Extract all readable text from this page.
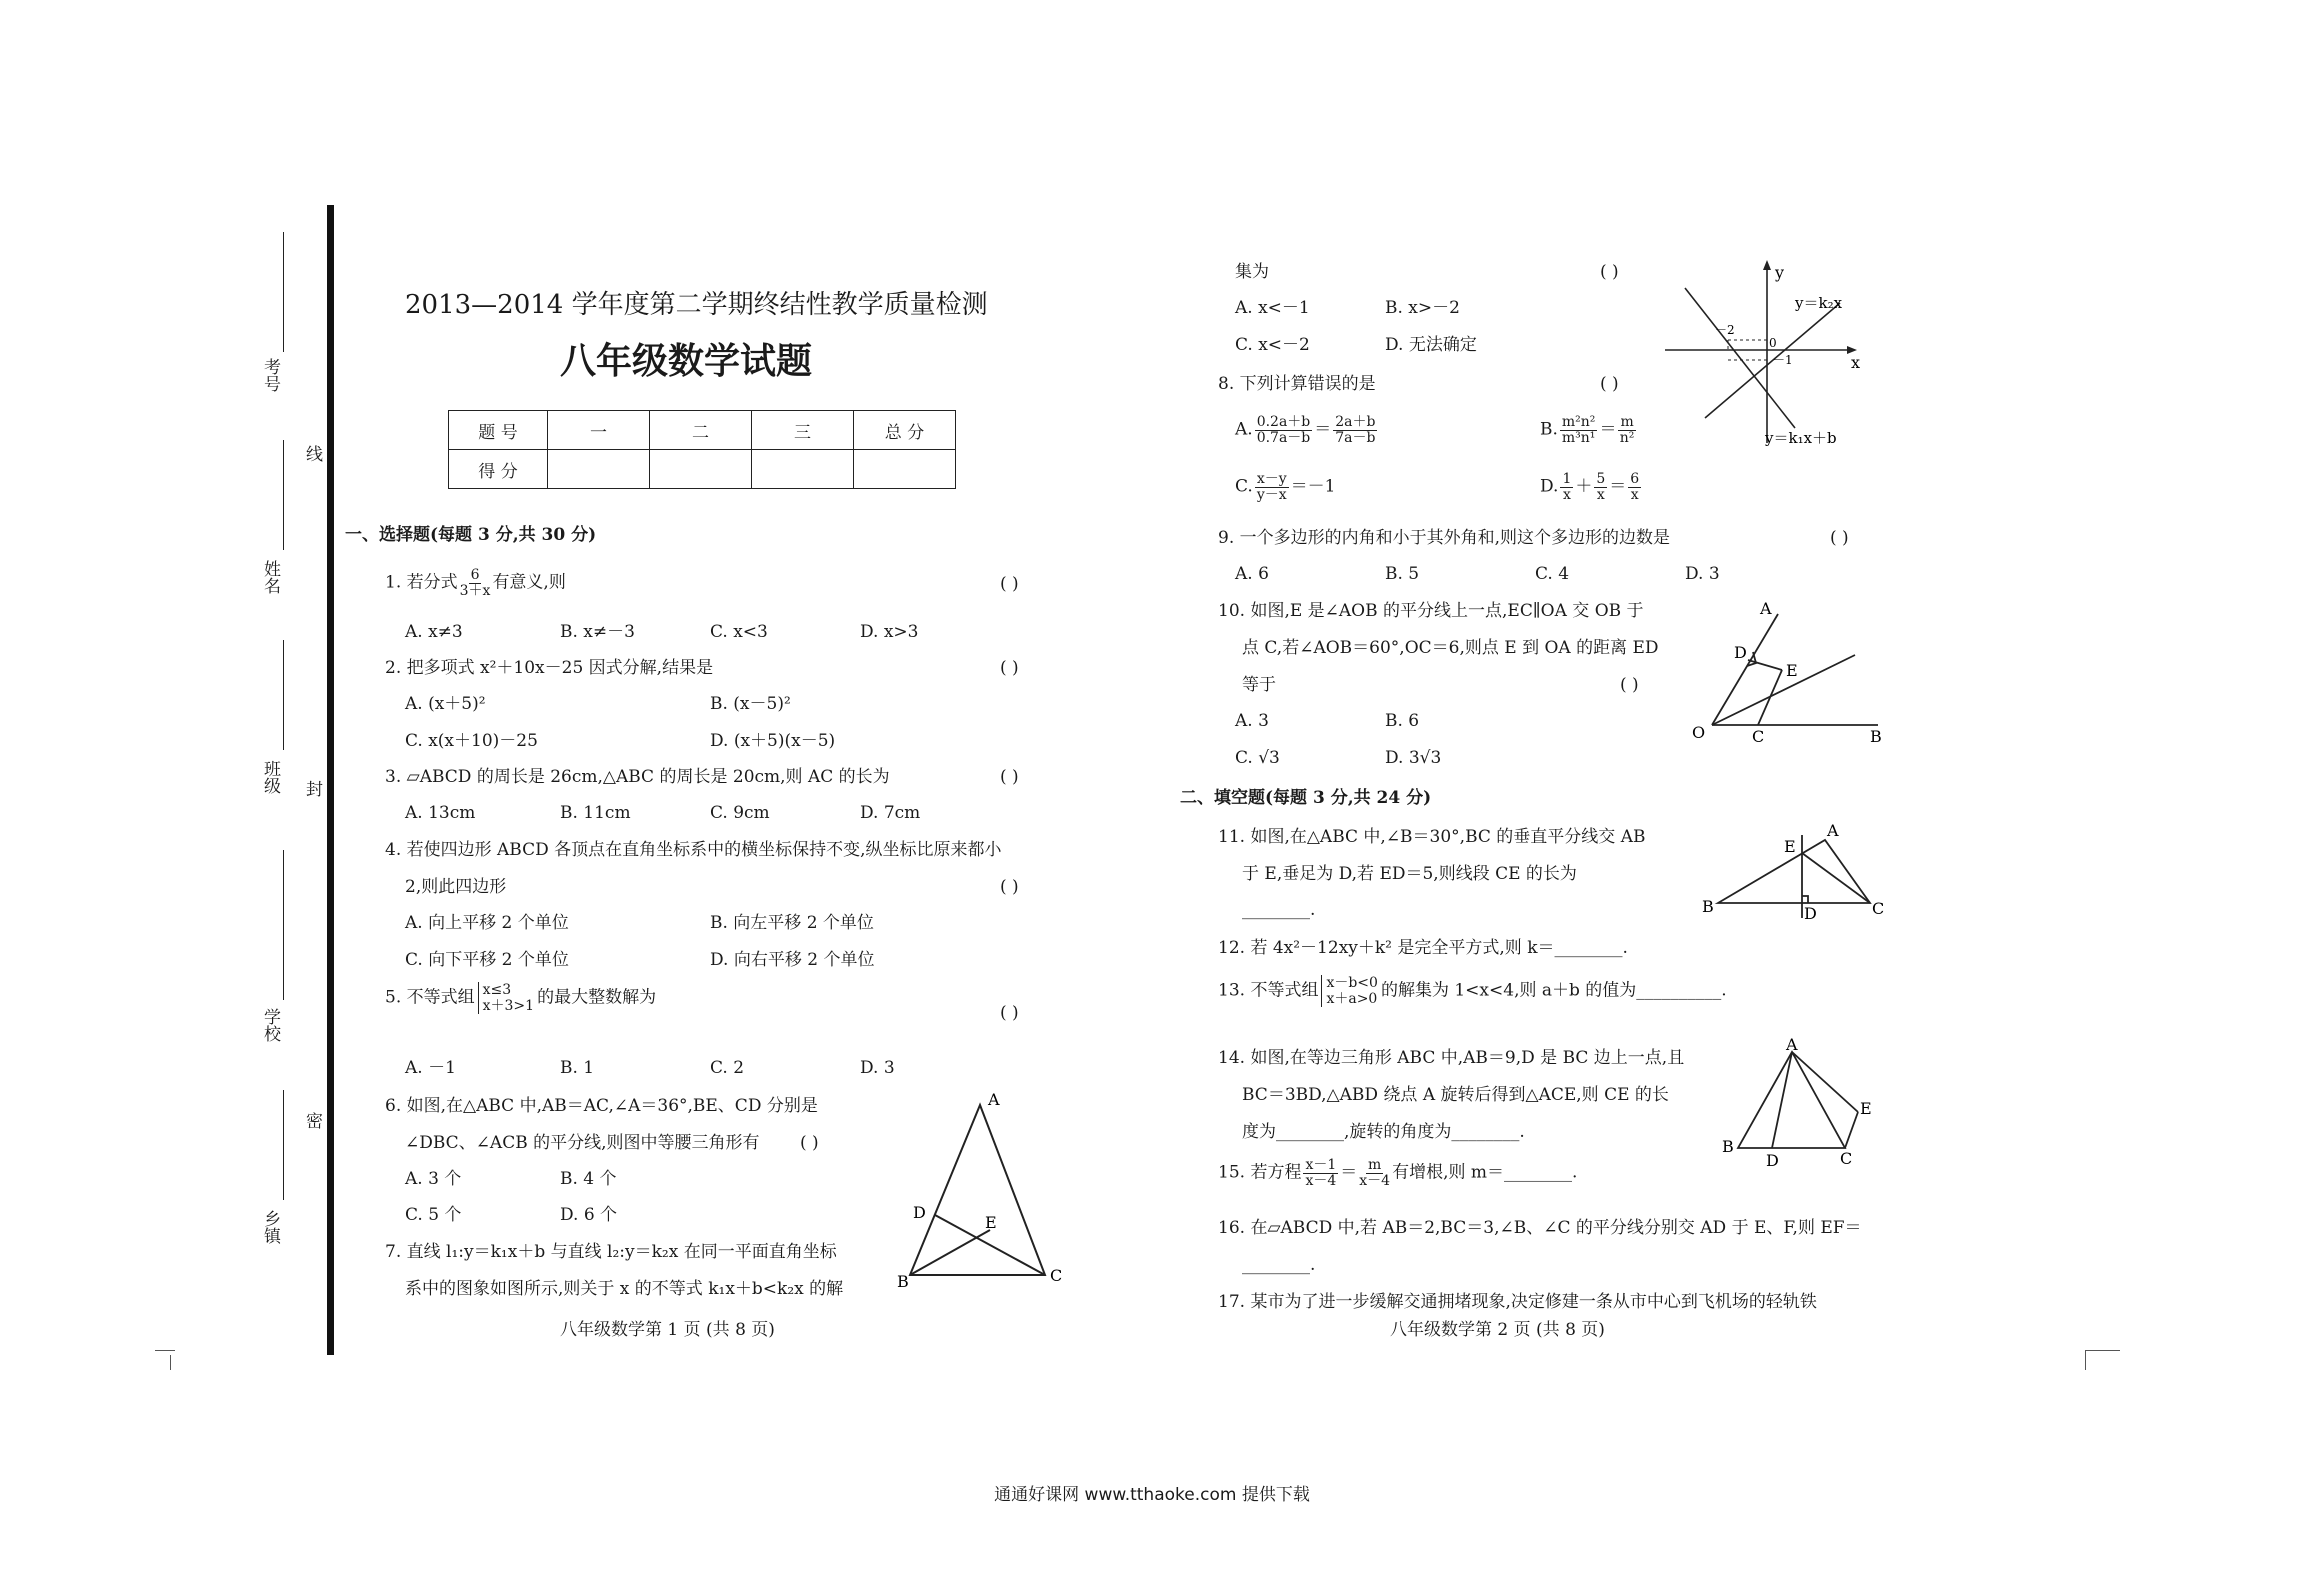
考号
线
姓名
班级 封
学校
密
乡镇
2013—2014 学年度第二学期终结性教学质量检测
八年级数学试题
题 号	一	二	三	总 分
得 分				
一、选择题(每题 3 分,共 30 分)
1. 若分式 $\frac{6}{3+x}$ 有意义,则	( )
A. x≠3	B. x≠－3	C. x<3	D. x>3
2. 把多项式 x²＋10x－25 因式分解,结果是	( )
A. (x＋5)²	B. (x－5)²
C. x(x＋10)－25	D. (x＋5)(x－5)
3. ▱ABCD 的周长是 26cm,△ABC 的周长是 20cm,则 AC 的长为	( )
A. 13cm	B. 11cm	C. 9cm	D. 7cm
4. 若使四边形 ABCD 各顶点在直角坐标系中的横坐标保持不变,纵坐标比原来都小
2,则此四边形	( )
A. 向上平移 2 个单位	B. 向左平移 2 个单位
C. 向下平移 2 个单位	D. 向右平移 2 个单位
5. 不等式组 x≤3
x＋3>1 的最大整数解为
( )
A. －1	B. 1	C. 2	D. 3
6. 如图,在△ABC 中,AB＝AC,∠A＝36°,BE、CD 分别是
∠DBC、∠ACB 的平分线,则图中等腰三角形有 ( )
A. 3 个	B. 4 个
C. 5 个	D. 6 个
7. 直线 l₁:y＝k₁x＋b 与直线 l₂:y＝k₂x 在同一平面直角坐标
系中的图象如图所示,则关于 x 的不等式 k₁x＋b<k₂x 的解
八年级数学第 1 页 (共 8 页)
A
D
E
B	C
集为	( )
A. x<－1	B. x>－2
C. x<－2	D. 无法确定
y
x
y＝k₂x
y＝k₁x＋b
－2
－1
0
8. 下列计算错误的是	( )
A. $\frac{0.2a+b}{0.7a-b} = \frac{2a+b}{7a-b}$	B. $\frac{\text{m²n²}}{\text{m³n¹}} = \frac{m}{\text{n²}}$
C. $\frac{x-y}{y-x} =-1$	D. $\frac{1}{x} + \frac{5}{x} = \frac{6}{x}$
9. 一个多边形的内角和小于其外角和,则这个多边形的边数是	( )
A. 6	B. 5	C. 4	D. 3
10. 如图,E 是∠AOB 的平分线上一点,EC∥OA 交 OB 于
点 C,若∠AOB＝60°,OC＝6,则点 E 到 OA 的距离 ED
等于	( )
A. 3	B. 6
C. √3	D. 3√3
A
D
E
O	C	B
二、填空题(每题 3 分,共 24 分)
11. 如图,在△ABC 中,∠B＝30°,BC 的垂直平分线交 AB
于 E,垂足为 D,若 ED＝5,则线段 CE 的长为
________.
A
E
B	D	C
12. 若 4x²－12xy＋k² 是完全平方式,则 k＝________.
13. 不等式组 x－b<0
x＋a>0 的解集为 1<x<4,则 a＋b 的值为__________.
14. 如图,在等边三角形 ABC 中,AB＝9,D 是 BC 边上一点,且
BC＝3BD,△ABD 绕点 A 旋转后得到△ACE,则 CE 的长
度为________,旋转的角度为________.
A
E
B
D	C
15. 若方程 $\frac{x-1}{x-4} = \frac{m}{x-4}$ 有增根,则 m＝________.
16. 在▱ABCD 中,若 AB＝2,BC＝3,∠B、∠C 的平分线分别交 AD 于 E、F,则 EF＝
________.
17. 某市为了进一步缓解交通拥堵现象,决定修建一条从市中心到飞机场的轻轨铁
八年级数学第 2 页 (共 8 页)
通通好课网 www.tthaoke.com 提供下载
